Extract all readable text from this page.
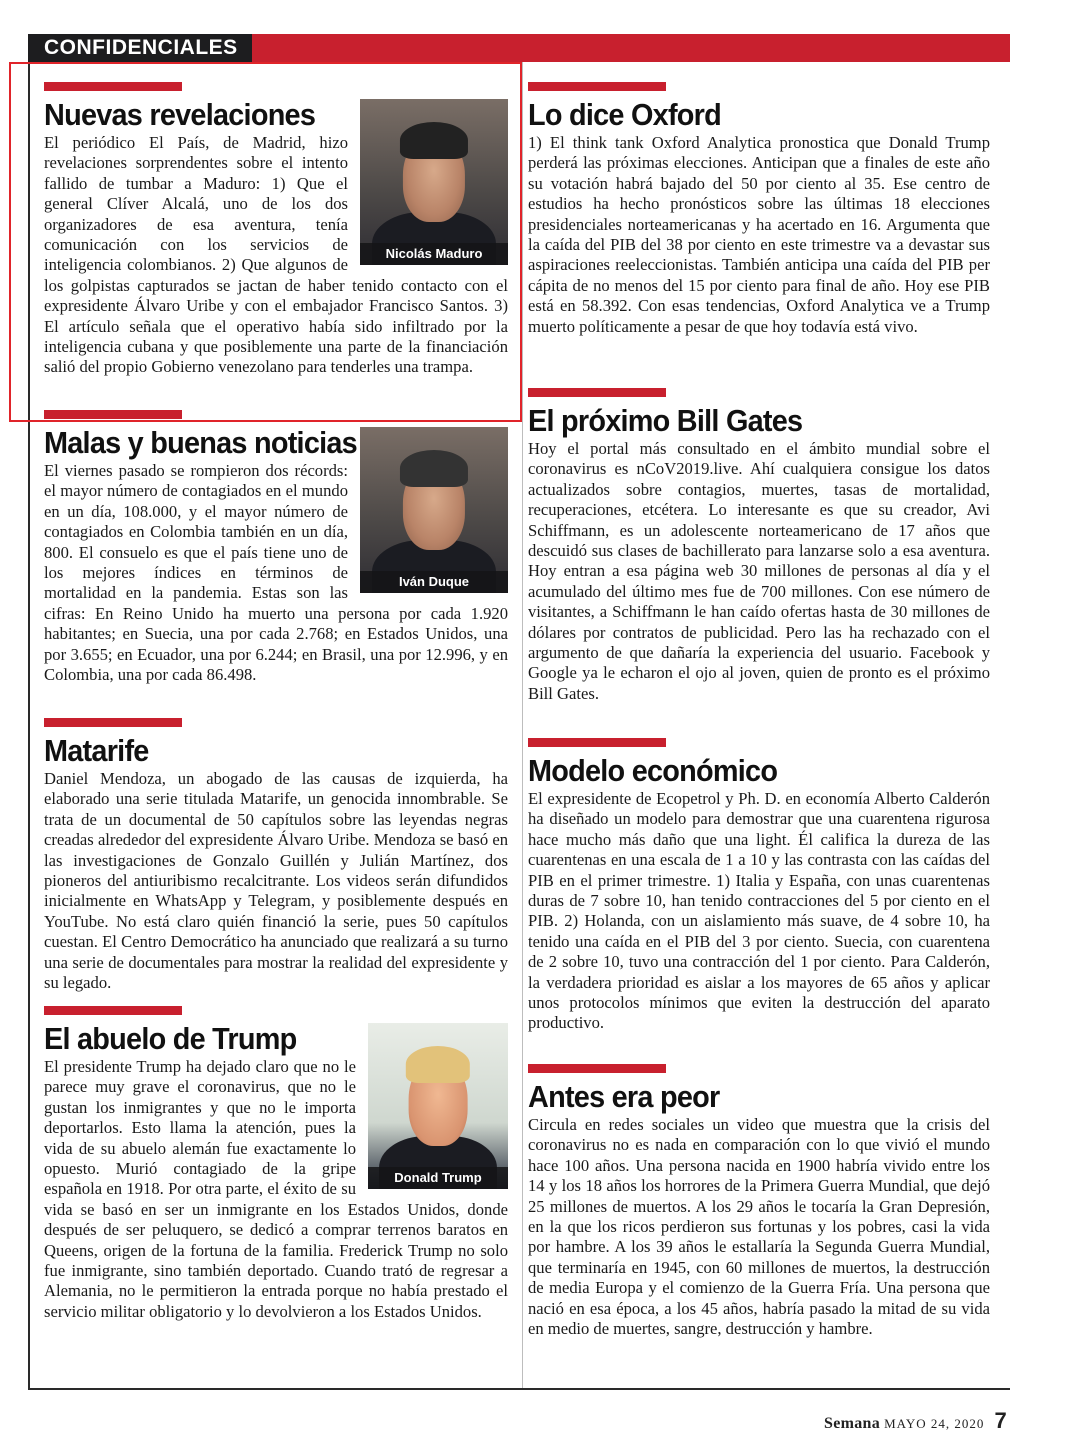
CONFIDENCIALES
Nuevas revelaciones
Nicolás Maduro

El periódico El País, de Madrid, hizo revelaciones sorprendentes sobre el intento fallido de tumbar a Maduro: 1) Que el general Clíver Alcalá, uno de los dos organizadores de esa aventura, tenía comunicación con los servicios de inteligencia colombianos. 2) Que algunos de los golpistas capturados se jactan de haber tenido contacto con el expresidente Álvaro Uribe y con el embajador Francisco Santos. 3) El artículo señala que el operativo había sido infiltrado por la inteligencia cubana y que posiblemente una parte de la financiación salió del propio Gobierno venezolano para tenderles una trampa.

Malas y buenas noticias
Iván Duque

El viernes pasado se rompieron dos récords: el mayor número de contagiados en el mundo en un día, 108.000, y el mayor número de contagiados en Colombia también en un día, 800. El consuelo es que el país tiene uno de los mejores índices en términos de mortalidad en la pandemia. Estas son las cifras: En Reino Unido ha muerto una persona por cada 1.920 habitantes; en Suecia, una por cada 2.768; en Estados Unidos, una por 3.655; en Ecuador, una por 6.244; en Brasil, una por 12.996, y en Colombia, una por cada 86.498.

Matarife

Daniel Mendoza, un abogado de las causas de izquierda, ha elaborado una serie titulada Matarife, un genocida innombrable. Se trata de un documental de 50 capítulos sobre las leyendas negras creadas alrededor del expresidente Álvaro Uribe. Mendoza se basó en las investigaciones de Gonzalo Guillén y Julián Martínez, dos pioneros del antiuribismo recalcitrante. Los videos serán difundidos inicialmente en WhatsApp y Telegram, y posiblemente después en YouTube. No está claro quién financió la serie, pues 50 capítulos cuestan. El Centro Democrático ha anunciado que realizará a su turno una serie de documentales para mostrar la realidad del expresidente y su legado.

El abuelo de Trump
Donald Trump

El presidente Trump ha dejado claro que no le parece muy grave el coronavirus, que no le gustan los inmigrantes y que no le importa deportarlos. Esto llama la atención, pues la vida de su abuelo alemán fue exactamente lo opuesto. Murió contagiado de la gripe española en 1918. Por otra parte, el éxito de su vida se basó en ser un inmigrante en los Estados Unidos, donde después de ser peluquero, se dedicó a comprar terrenos baratos en Queens, origen de la fortuna de la familia. Frederick Trump no solo fue inmigrante, sino también deportado. Cuando trató de regresar a Alemania, no le permitieron la entrada porque no había prestado el servicio militar obligatorio y lo devolvieron a los Estados Unidos.

Lo dice Oxford

1) El think tank Oxford Analytica pronostica que Donald Trump perderá las próximas elecciones. Anticipan que a finales de este año su votación habrá bajado del 50 por ciento al 35. Ese centro de estudios ha hecho pronósticos sobre las últimas 18 elecciones presidenciales norteamericanas y ha acertado en 16. Argumenta que la caída del PIB del 38 por ciento en este trimestre va a devastar sus aspiraciones reeleccionistas. También anticipa una caída del PIB per cápita de no menos del 15 por ciento para final de año. Hoy ese PIB está en 58.392. Con esas tendencias, Oxford Analytica ve a Trump muerto políticamente a pesar de que hoy todavía está vivo.

El próximo Bill Gates

Hoy el portal más consultado en el ámbito mundial sobre el coronavirus es nCoV2019.live. Ahí cualquiera consigue los datos actualizados sobre contagios, muertes, tasas de mortalidad, recuperaciones, etcétera. Lo interesante es que su creador, Avi Schiffmann, es un adolescente norteamericano de 17 años que descuidó sus clases de bachillerato para lanzarse solo a esa aventura. Hoy entran a esa página web 30 millones de personas al día y el acumulado del último mes fue de 700 millones. Con ese número de visitantes, a Schiffmann le han caído ofertas hasta de 30 millones de dólares por contratos de publicidad. Pero las ha rechazado con el argumento de que dañaría la experiencia del usuario. Facebook y Google ya le echaron el ojo al joven, quien de pronto es el próximo Bill Gates.

Modelo económico

El expresidente de Ecopetrol y Ph. D. en economía Alberto Calderón ha diseñado un modelo para demostrar que una cuarentena rigurosa hace mucho más daño que una light. Él califica la dureza de las cuarentenas en una escala de 1 a 10 y las contrasta con las caídas del PIB en el primer trimestre. 1) Italia y España, con unas cuarentenas duras de 7 sobre 10, han tenido contracciones del 5 por ciento en el PIB. 2) Holanda, con un aislamiento más suave, de 4 sobre 10, ha tenido una caída en el PIB del 3 por ciento. Suecia, con cuarentena de 2 sobre 10, tuvo una contracción del 1 por ciento. Para Calderón, la verdadera prioridad es aislar a los mayores de 65 años y aplicar unos protocolos mínimos que eviten la destrucción del aparato productivo.

Antes era peor

Circula en redes sociales un video que muestra que la crisis del coronavirus no es nada en comparación con lo que vivió el mundo hace 100 años. Una persona nacida en 1900 habría vivido entre los 14 y los 18 años los horrores de la Primera Guerra Mundial, que dejó 25 millones de muertos. A los 29 años le tocaría la Gran Depresión, en la que los ricos perdieron sus fortunas y los pobres, casi la vida por hambre. A los 39 años le estallaría la Segunda Guerra Mundial, que terminaría en 1945, con 60 millones de muertos, la destrucción de media Europa y el comienzo de la Guerra Fría. Una persona que nació en esa época, a los 45 años, habría pasado la mitad de su vida en medio de muertes, sangre, destrucción y hambre.

Semana MAYO 24, 2020 7
